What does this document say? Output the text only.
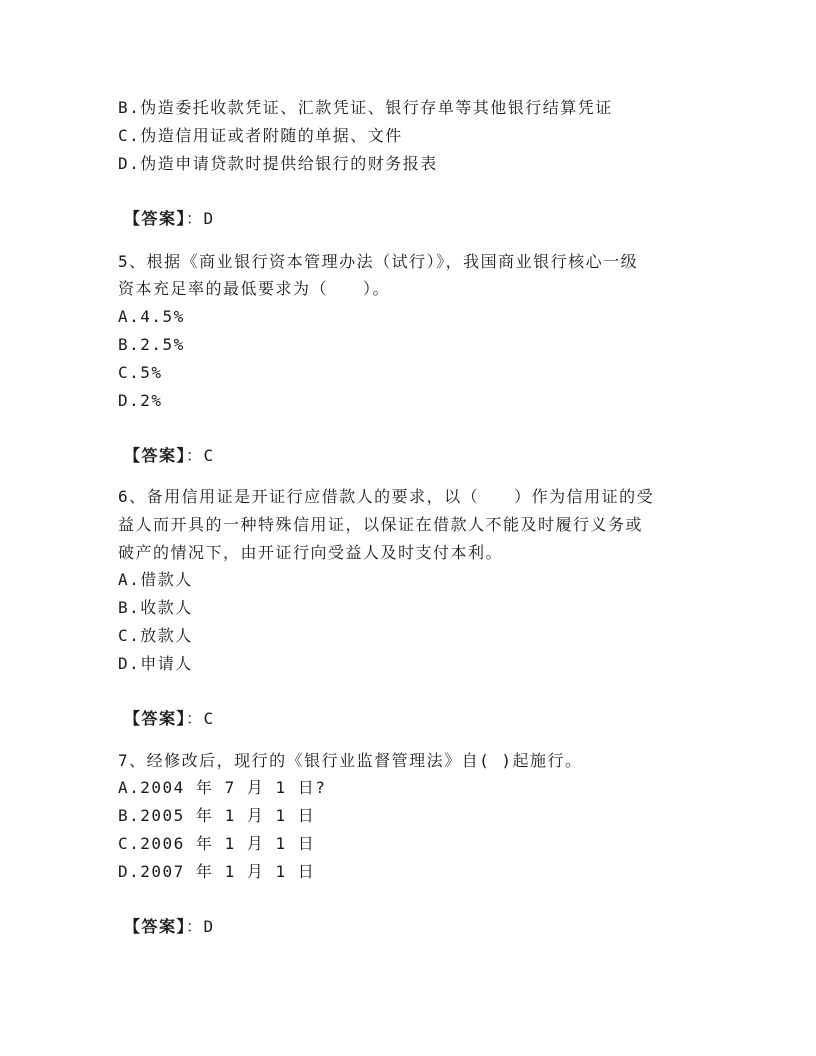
B.伪造委托收款凭证、汇款凭证、银行存单等其他银行结算凭证
C.伪造信用证或者附随的单据、文件
D.伪造申请贷款时提供给银行的财务报表
【答案】：D
5、根据《商业银行资本管理办法（试行）》，我国商业银行核心一级
资本充足率的最低要求为（　　）。
A.4.5%
B.2.5%
C.5%
D.2%
【答案】：C
6、备用信用证是开证行应借款人的要求，以（　　）作为信用证的受
益人而开具的一种特殊信用证，以保证在借款人不能及时履行义务或
破产的情况下，由开证行向受益人及时支付本利。
A.借款人
B.收款人
C.放款人
D.申请人
【答案】：C
7、经修改后，现行的《银行业监督管理法》自( )起施行。
A.2004 年 7 月 1 日?
B.2005 年 1 月 1 日
C.2006 年 1 月 1 日
D.2007 年 1 月 1 日
【答案】：D
